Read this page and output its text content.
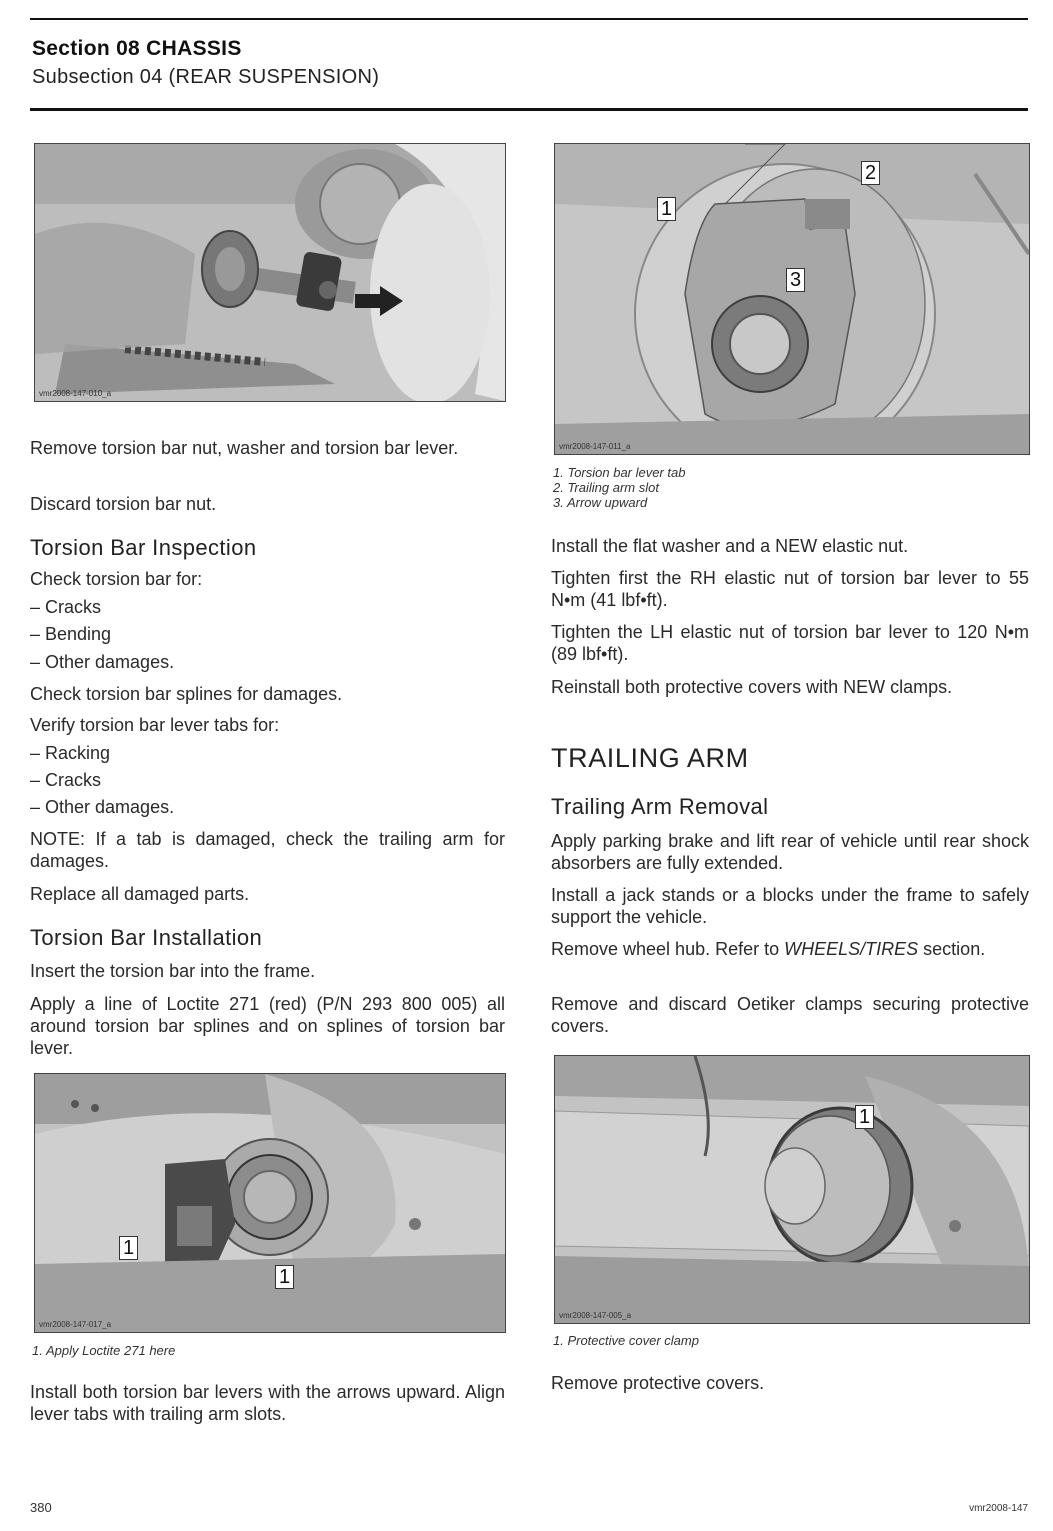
Section 08 CHASSIS
Subsection 04 (REAR SUSPENSION)
vmr2008-147-010_a

Remove torsion bar nut, washer and torsion bar lever.

Discard torsion bar nut.

Torsion Bar Inspection

Check torsion bar for:

– Cracks

– Bending

– Other damages.

Check torsion bar splines for damages.

Verify torsion bar lever tabs for:

– Racking

– Cracks

– Other damages.

NOTE: If a tab is damaged, check the trailing arm for damages.

Replace all damaged parts.

Torsion Bar Installation

Insert the torsion bar into the frame.

Apply a line of Loctite 271 (red) (P/N 293 800 005) all around torsion bar splines and on splines of torsion bar lever.

1
1
vmr2008-147-017_a

1. Apply Loctite 271 here

Install both torsion bar levers with the arrows upward. Align lever tabs with trailing arm slots.

1
2
3
vmr2008-147-011_a

1. Torsion bar lever tab

2. Trailing arm slot

3. Arrow upward

Install the flat washer and a NEW elastic nut.

Tighten first the RH elastic nut of torsion bar lever to 55 N•m (41 lbf•ft).

Tighten the LH elastic nut of torsion bar lever to 120 N•m (89 lbf•ft).

Reinstall both protective covers with NEW clamps.

TRAILING ARM
Trailing Arm Removal

Apply parking brake and lift rear of vehicle until rear shock absorbers are fully extended.

Install a jack stands or a blocks under the frame to safely support the vehicle.

Remove wheel hub. Refer to WHEELS/TIRES section.

Remove and discard Oetiker clamps securing protective covers.

1
vmr2008-147-005_a

1. Protective cover clamp

Remove protective covers.

380	vmr2008-147
